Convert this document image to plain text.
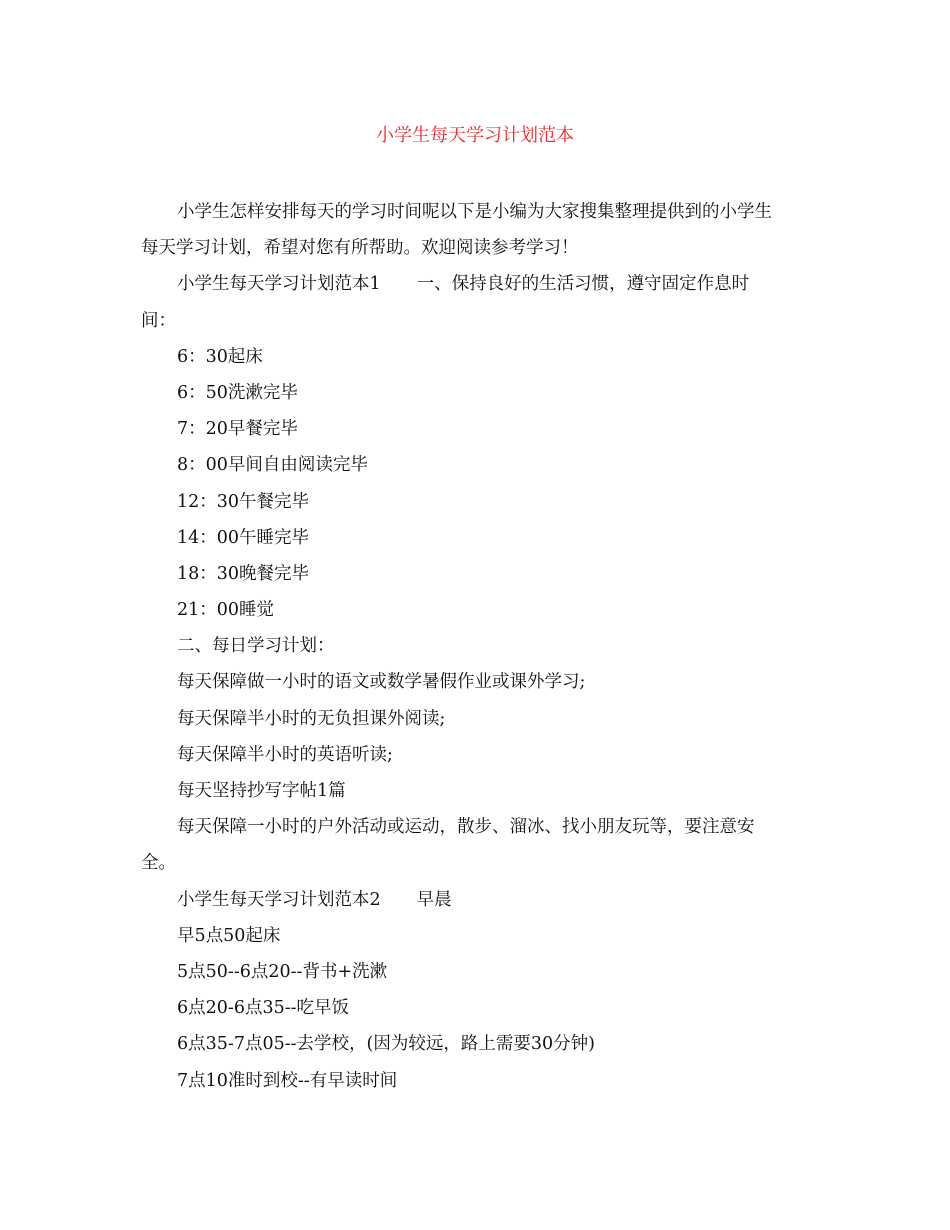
小学生每天学习计划范本

小学生怎样安排每天的学习时间呢以下是小编为大家搜集整理提供到的小学生

每天学习计划，希望对您有所帮助。欢迎阅读参考学习！

小学生每天学习计划范本1 一、保持良好的生活习惯，遵守固定作息时

间：

6：30起床

6：50洗漱完毕

7：20早餐完毕

8：00早间自由阅读完毕

12：30午餐完毕

14：00午睡完毕

18：30晚餐完毕

21：00睡觉

二、每日学习计划：

每天保障做一小时的语文或数学暑假作业或课外学习;

每天保障半小时的无负担课外阅读;

每天保障半小时的英语听读;

每天坚持抄写字帖1篇

每天保障一小时的户外活动或运动，散步、溜冰、找小朋友玩等，要注意安

全。

小学生每天学习计划范本2 早晨

早5点50起床

5点50--6点20--背书+洗漱

6点20-6点35--吃早饭

6点35-7点05--去学校，(因为较远，路上需要30分钟)

7点10准时到校--有早读时间
